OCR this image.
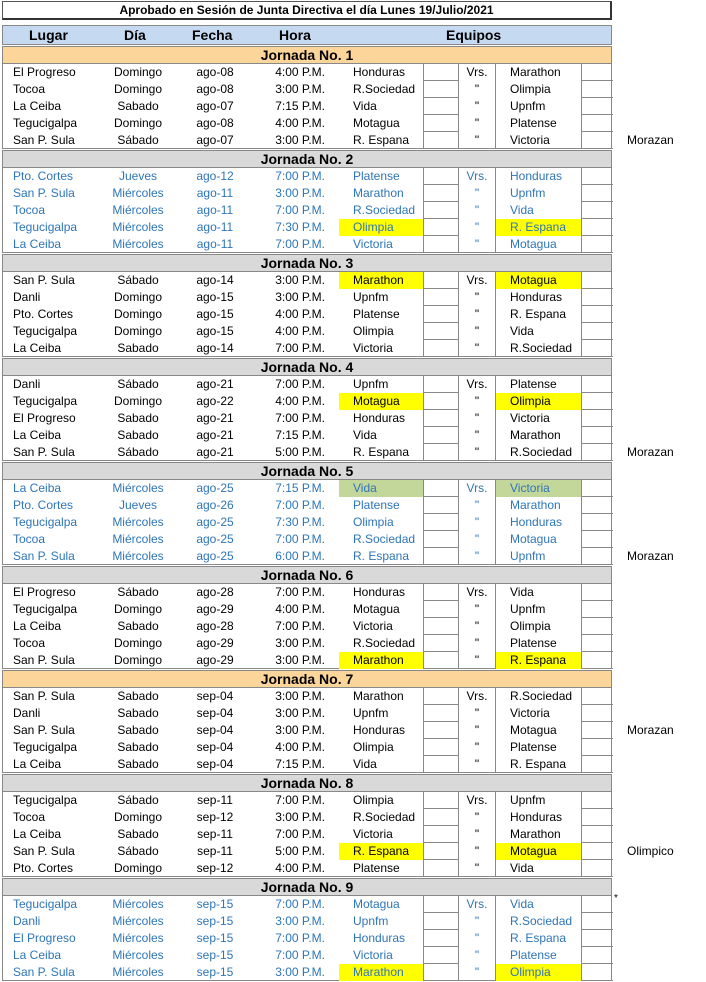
Aprobado en Sesión de Junta Directiva el día Lunes 19/Julio/2021
Lugar	Día	Fecha	Hora	Equipos
Jornada No. 1
El Progreso	Domingo	ago-08	4:00 P.M.	Honduras	Vrs.	Marathon
Tocoa	Domingo	ago-08	3:00 P.M.	R.Sociedad	"	Olimpia
La Ceiba	Sabado	ago-07	7:15 P.M.	Vida	"	Upnfm
Tegucigalpa	Domingo	ago-08	4:00 P.M.	Motagua	"	Platense
San P. Sula	Sábado	ago-07	3:00 P.M.	R. Espana	"	Victoria	Morazan
Jornada No. 2
Pto. Cortes	Jueves	ago-12	7:00 P.M.	Platense	Vrs.	Honduras
San P. Sula	Miércoles	ago-11	3:00 P.M.	Marathon	"	Upnfm
Tocoa	Miércoles	ago-11	7:00 P.M.	R.Sociedad	"	Vida
Tegucigalpa	Miércoles	ago-11	7:30 P.M.	Olimpia	"	R. Espana
La Ceiba	Miércoles	ago-11	7:00 P.M.	Victoria	"	Motagua
Jornada No. 3
San P. Sula	Sábado	ago-14	3:00 P.M.	Marathon	Vrs.	Motagua
Danli	Domingo	ago-15	3:00 P.M.	Upnfm	"	Honduras
Pto. Cortes	Domingo	ago-15	4:00 P.M.	Platense	"	R. Espana
Tegucigalpa	Domingo	ago-15	4:00 P.M.	Olimpia	"	Vida
La Ceiba	Sabado	ago-14	7:00 P.M.	Victoria	"	R.Sociedad
Jornada No. 4
Danli	Sábado	ago-21	7:00 P.M.	Upnfm	Vrs.	Platense
Tegucigalpa	Domingo	ago-22	4:00 P.M.	Motagua	"	Olimpia
El Progreso	Sabado	ago-21	7:00 P.M.	Honduras	"	Victoria
La Ceiba	Sabado	ago-21	7:15 P.M.	Vida	"	Marathon
San P. Sula	Sábado	ago-21	5:00 P.M.	R. Espana	"	R.Sociedad	Morazan
Jornada No. 5
La Ceiba	Miércoles	ago-25	7:15 P.M.	Vida	Vrs.	Victoria
Pto. Cortes	Jueves	ago-26	7:00 P.M.	Platense	"	Marathon
Tegucigalpa	Miércoles	ago-25	7:30 P.M.	Olimpia	"	Honduras
Tocoa	Miércoles	ago-25	7:00 P.M.	R.Sociedad	"	Motagua
San P. Sula	Miércoles	ago-25	6:00 P.M.	R. Espana	"	Upnfm	Morazan
Jornada No. 6
El Progreso	Sábado	ago-28	7:00 P.M.	Honduras	Vrs.	Vida
Tegucigalpa	Domingo	ago-29	4:00 P.M.	Motagua	"	Upnfm
La Ceiba	Sabado	ago-28	7:00 P.M.	Victoria	"	Olimpia
Tocoa	Domingo	ago-29	3:00 P.M.	R.Sociedad	"	Platense
San P. Sula	Domingo	ago-29	3:00 P.M.	Marathon	"	R. Espana
Jornada No. 7
San P. Sula	Sabado	sep-04	3:00 P.M.	Marathon	Vrs.	R.Sociedad
Danli	Sabado	sep-04	3:00 P.M.	Upnfm	"	Victoria
San P. Sula	Sabado	sep-04	3:00 P.M.	Honduras	"	Motagua	Morazan
Tegucigalpa	Sabado	sep-04	4:00 P.M.	Olimpia	"	Platense
La Ceiba	Sabado	sep-04	7:15 P.M.	Vida	"	R. Espana
Jornada No. 8
Tegucigalpa	Sábado	sep-11	7:00 P.M.	Olimpia	Vrs.	Upnfm
Tocoa	Domingo	sep-12	3:00 P.M.	R.Sociedad	"	Honduras
La Ceiba	Sabado	sep-11	7:00 P.M.	Victoria	"	Marathon
San P. Sula	Sábado	sep-11	5:00 P.M.	R. Espana	"	Motagua	Olimpico
Pto. Cortes	Domingo	sep-12	4:00 P.M.	Platense	"	Vida
Jornada No. 9
Tegucigalpa	Miércoles	sep-15	7:00 P.M.	Motagua	Vrs.	Vida	*
Danli	Miércoles	sep-15	3:00 P.M.	Upnfm	"	R.Sociedad
El Progreso	Miércoles	sep-15	7:00 P.M.	Honduras	"	R. Espana
La Ceiba	Miércoles	sep-15	7:00 P.M.	Victoria	"	Platense
San P. Sula	Miércoles	sep-15	3:00 P.M.	Marathon	"	Olimpia
